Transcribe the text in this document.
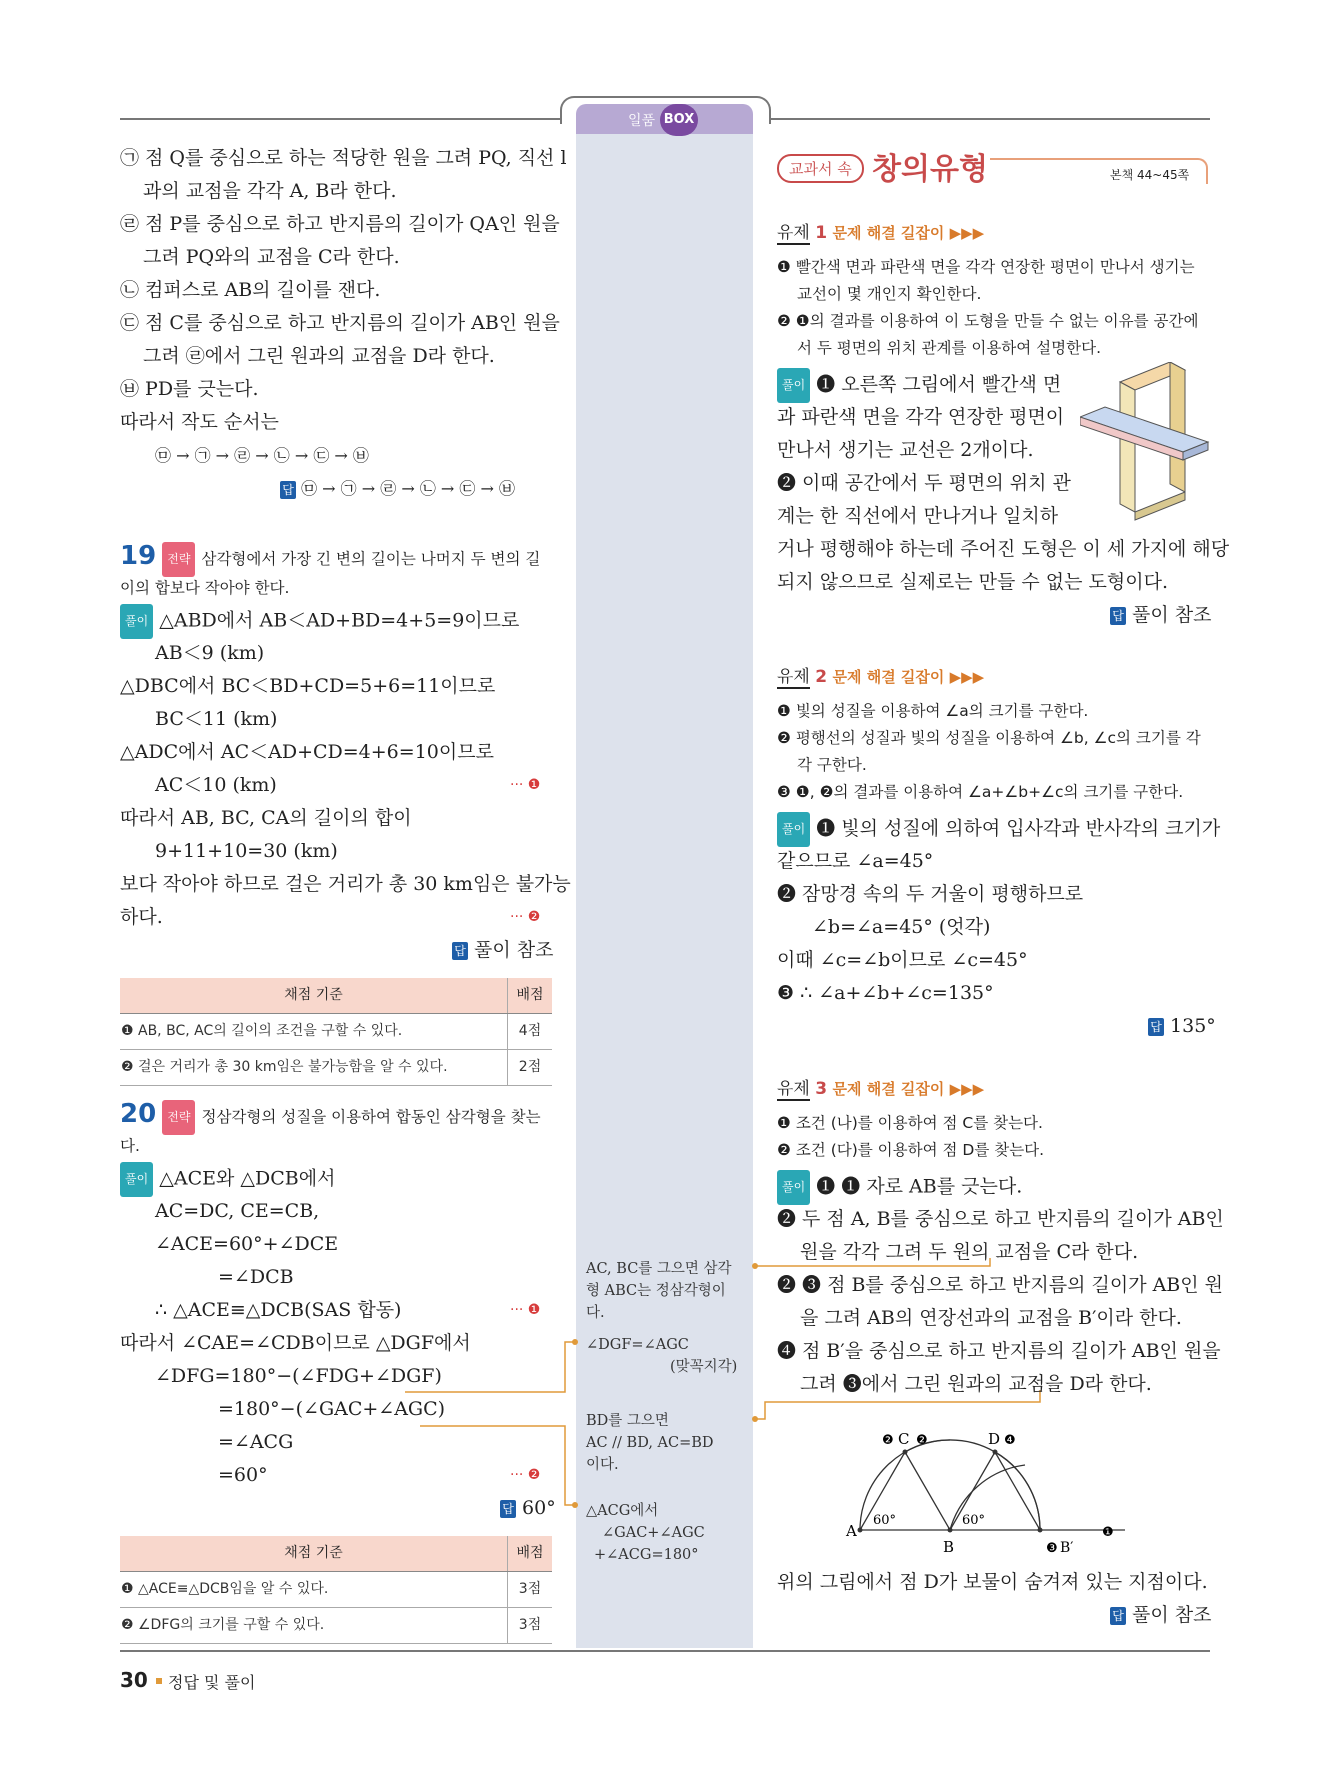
일품 BOX
㉠ 점 Q를 중심으로 하는 적당한 원을 그려 PQ, 직선 l
과의 교점을 각각 A, B라 한다.
㉣ 점 P를 중심으로 하고 반지름의 길이가 QA인 원을
그려 PQ와의 교점을 C라 한다.
㉡ 컴퍼스로 AB의 길이를 잰다.
㉢ 점 C를 중심으로 하고 반지름의 길이가 AB인 원을
그려 ㉣에서 그린 원과의 교점을 D라 한다.
㉥ PD를 긋는다.
따라서 작도 순서는
㉤ → ㉠ → ㉣ → ㉡ → ㉢ → ㉥
답 ㉤ → ㉠ → ㉣ → ㉡ → ㉢ → ㉥
19 전략 삼각형에서 가장 긴 변의 길이는 나머지 두 변의 길
이의 합보다 작아야 한다.
풀이 △ABD에서 AB＜AD+BD=4+5=9이므로
AB＜9 (km)
△DBC에서 BC＜BD+CD=5+6=11이므로
BC＜11 (km)
△ADC에서 AC＜AD+CD=4+6=10이므로
AC＜10 (km)	··· ❶
따라서 AB, BC, CA의 길이의 합이
9+11+10=30 (km)
보다 작아야 하므로 걸은 거리가 총 30 km임은 불가능
하다.	··· ❷
답 풀이 참조
채점 기준	배점
❶ AB, BC, AC의 길이의 조건을 구할 수 있다.	4점
❷ 걸은 거리가 총 30 km임은 불가능함을 알 수 있다.	2점
20 전략 정삼각형의 성질을 이용하여 합동인 삼각형을 찾는
다.
풀이 △ACE와 △DCB에서
AC=DC, CE=CB,
∠ACE=60°+∠DCE
=∠DCB
∴ △ACE≡△DCB(SAS 합동)	··· ❶
따라서 ∠CAE=∠CDB이므로 △DGF에서
∠DFG=180°−(∠FDG+∠DGF)
=180°−(∠GAC+∠AGC)
=∠ACG
=60°	··· ❷
답 60°
채점 기준	배점
❶ △ACE≡△DCB임을 알 수 있다.	3점
❷ ∠DFG의 크기를 구할 수 있다.	3점
AC, BC를 그으면 삼각
형 ABC는 정삼각형이
다.
∠DGF=∠AGC
(맞꼭지각)
BD를 그으면
AC // BD, AC=BD
이다.
△ACG에서
∠GAC+∠AGC
+∠ACG=180°
교과서 속 창의유형	본책 44~45쪽
유제 1 문제 해결 길잡이 ▶▶▶
❶ 빨간색 면과 파란색 면을 각각 연장한 평면이 만나서 생기는
교선이 몇 개인지 확인한다.
❷ ❶의 결과를 이용하여 이 도형을 만들 수 없는 이유를 공간에
서 두 평면의 위치 관계를 이용하여 설명한다.
풀이 ❶ 오른쪽 그림에서 빨간색 면
과 파란색 면을 각각 연장한 평면이
만나서 생기는 교선은 2개이다.
❷ 이때 공간에서 두 평면의 위치 관
계는 한 직선에서 만나거나 일치하
거나 평행해야 하는데 주어진 도형은 이 세 가지에 해당
되지 않으므로 실제로는 만들 수 없는 도형이다.
답 풀이 참조
유제 2 문제 해결 길잡이 ▶▶▶
❶ 빛의 성질을 이용하여 ∠a의 크기를 구한다.
❷ 평행선의 성질과 빛의 성질을 이용하여 ∠b, ∠c의 크기를 각
각 구한다.
❸ ❶, ❷의 결과를 이용하여 ∠a+∠b+∠c의 크기를 구한다.
풀이 ❶ 빛의 성질에 의하여 입사각과 반사각의 크기가
같으므로 ∠a=45°
❷ 잠망경 속의 두 거울이 평행하므로
∠b=∠a=45° (엇각)
이때 ∠c=∠b이므로 ∠c=45°
❸ ∴ ∠a+∠b+∠c=135°
답 135°
유제 3 문제 해결 길잡이 ▶▶▶
❶ 조건 (나)를 이용하여 점 C를 찾는다.
❷ 조건 (다)를 이용하여 점 D를 찾는다.
풀이 ❶ ❶ 자로 AB를 긋는다.
❷ 두 점 A, B를 중심으로 하고 반지름의 길이가 AB인
원을 각각 그려 두 원의 교점을 C라 한다.
❷ ❸ 점 B를 중심으로 하고 반지름의 길이가 AB인 원
을 그려 AB의 연장선과의 교점을 B′이라 한다.
❹ 점 B′을 중심으로 하고 반지름의 길이가 AB인 원을
그려 ❸에서 그린 원과의 교점을 D라 한다.
A
B
C	D
B′
60°	60°
❷ ❷	❹
❸
❶
위의 그림에서 점 D가 보물이 숨겨져 있는 지점이다.
답 풀이 참조
30 정답 및 풀이
